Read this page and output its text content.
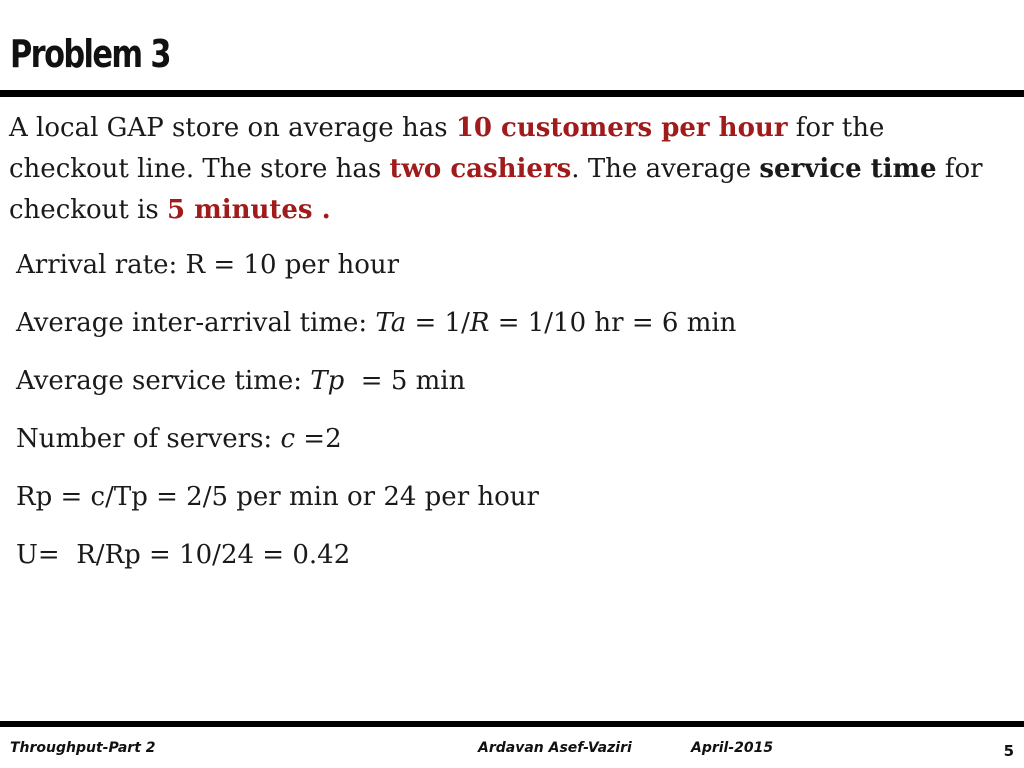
Problem 3
A local GAP store on average has 10 customers per hour for the checkout line. The store has two cashiers. The average service time for checkout is 5 minutes .
Arrival rate: R = 10 per hour
Average inter-arrival time: Ta = 1/R = 1/10 hr = 6 min
Average service time: Tp  = 5 min
Number of servers: c =2
Rp = c/Tp = 2/5 per min or 24 per hour
U=  R/Rp = 10/24 = 0.42
Throughput-Part 2	Ardavan Asef-Vaziri	April-2015	5
